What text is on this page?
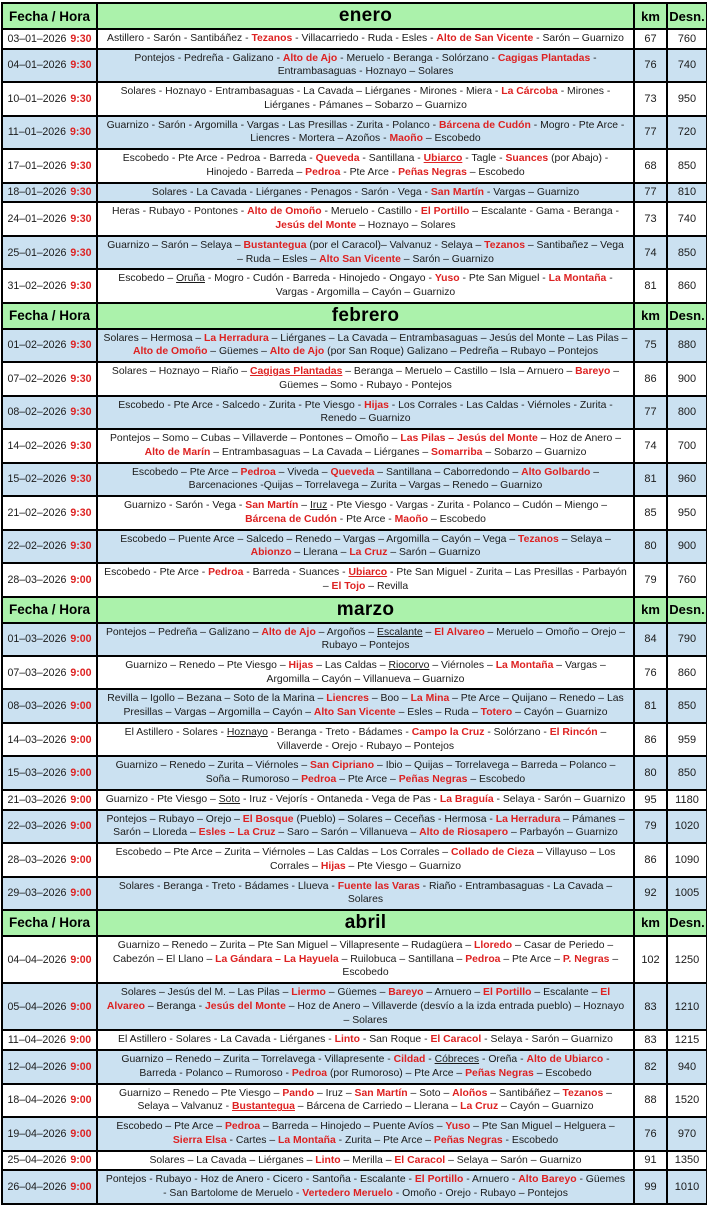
Fecha / Hora	enero	km	Desn.
03–01–2026 9:30	Astillero - Sarón - Santibáñez - Tezanos - Villacarriedo - Ruda - Esles - Alto de San Vicente - Sarón – Guarnizo	67	760
04–01–2026 9:30	Pontejos - Pedreña - Galizano - Alto de Ajo - Meruelo - Beranga - Solórzano - Cagigas Plantadas - Entrambasaguas - Hoznayo – Solares	76	740
10–01–2026 9:30	Solares - Hoznayo - Entrambasaguas - La Cavada – Liérganes - Mirones - Miera - La Cárcoba - Mirones - Liérganes - Pámanes – Sobarzo – Guarnizo	73	950
11–01–2026 9:30	Guarnizo - Sarón - Argomilla - Vargas - Las Presillas - Zurita - Polanco - Bárcena de Cudón - Mogro - Pte Arce - Liencres - Mortera – Azoños - Maoño – Escobedo	77	720
17–01–2026 9:30	Escobedo - Pte Arce - Pedroa - Barreda - Queveda - Santillana - Ubiarco - Tagle - Suances (por Abajo) - Hinojedo - Barreda – Pedroa - Pte Arce - Peñas Negras – Escobedo	68	850
18–01–2026 9:30	Solares - La Cavada - Liérganes - Penagos - Sarón - Vega - San Martín - Vargas – Guarnizo	77	810
24–01–2026 9:30	Heras - Rubayo - Pontones - Alto de Omoño - Meruelo - Castillo - El Portillo – Escalante - Gama - Beranga - Jesús del Monte – Hoznayo – Solares	73	740
25–01–2026 9:30	Guarnizo – Sarón – Selaya – Bustantegua (por el Caracol)– Valvanuz - Selaya – Tezanos – Santibañez – Vega – Ruda – Esles – Alto San Vicente – Sarón – Guarnizo	74	850
31–02–2026 9:30	Escobedo – Oruña - Mogro - Cudón - Barreda - Hinojedo - Ongayo - Yuso - Pte San Miguel - La Montaña - Vargas - Argomilla – Cayón – Guarnizo	81	860
Fecha / Hora	febrero	km	Desn.
01–02–2026 9:30	Solares – Hermosa – La Herradura – Liérganes – La Cavada – Entrambasaguas – Jesús del Monte – Las Pilas – Alto de Omoño – Güemes – Alto de Ajo (por San Roque) Galizano – Pedreña – Rubayo – Pontejos	75	880
07–02–2026 9:30	Solares – Hoznayo – Riaño – Cagigas Plantadas – Beranga – Meruelo – Castillo – Isla – Arnuero – Bareyo – Güemes – Somo - Rubayo - Pontejos	86	900
08–02–2026 9:30	Escobedo - Pte Arce - Salcedo - Zurita - Pte Viesgo - Hijas - Los Corrales - Las Caldas - Viérnoles - Zurita - Renedo – Guarnizo	77	800
14–02–2026 9:30	Pontejos – Somo – Cubas – Villaverde – Pontones – Omoño – Las Pilas – Jesús del Monte – Hoz de Anero – Alto de Marín – Entrambasaguas – La Cavada – Liérganes – Somarriba – Sobarzo – Guarnizo	74	700
15–02–2026 9:30	Escobedo – Pte Arce – Pedroa – Viveda – Queveda – Santillana – Caborredondo – Alto Golbardo – Barcenaciones -Quijas – Torrelavega – Zurita – Vargas – Renedo – Guarnizo	81	960
21–02–2026 9:30	Guarnizo - Sarón - Vega - San Martín – Iruz - Pte Viesgo - Vargas - Zurita - Polanco – Cudón – Miengo – Bárcena de Cudón - Pte Arce - Maoño – Escobedo	85	950
22–02–2026 9:30	Escobedo – Puente Arce – Salcedo – Renedo – Vargas – Argomilla – Cayón – Vega – Tezanos – Selaya – Abionzo – Llerana – La Cruz – Sarón – Guarnizo	80	900
28–03–2026 9:00	Escobedo - Pte Arce - Pedroa - Barreda - Suances - Ubiarco - Pte San Miguel - Zurita – Las Presillas - Parbayón – El Tojo – Revilla	79	760
Fecha / Hora	marzo	km	Desn.
01–03–2026 9:00	Pontejos – Pedreña – Galizano – Alto de Ajo – Argoños – Escalante – El Alvareo – Meruelo – Omoño – Orejo – Rubayo – Pontejos	84	790
07–03–2026 9:00	Guarnizo – Renedo – Pte Viesgo – Hijas – Las Caldas – Riocorvo – Viérnoles – La Montaña – Vargas – Argomilla – Cayón – Villanueva – Guarnizo	76	860
08–03–2026 9:00	Revilla – Igollo – Bezana – Soto de la Marina – Liencres – Boo – La Mina – Pte Arce – Quijano – Renedo – Las Presillas – Vargas – Argomilla – Cayón – Alto San Vicente – Esles – Ruda – Totero – Cayón – Guarnizo	81	850
14–03–2026 9:00	El Astillero - Solares - Hoznayo - Beranga - Treto - Bádames - Campo la Cruz - Solórzano - El Rincón – Villaverde - Orejo - Rubayo – Pontejos	86	959
15–03–2026 9:00	Guarnizo – Renedo – Zurita – Viérnoles – San Cipriano – Ibio – Quijas – Torrelavega – Barreda – Polanco – Soña – Rumoroso – Pedroa – Pte Arce – Peñas Negras – Escobedo	80	850
21–03–2026 9:00	Guarnizo - Pte Viesgo – Soto - Iruz - Vejorís - Ontaneda - Vega de Pas - La Braguía - Selaya - Sarón – Guarnizo	95	1180
22–03–2026 9:00	Pontejos – Rubayo – Orejo – El Bosque (Pueblo) – Solares – Ceceñas - Hermosa - La Herradura – Pámanes – Sarón – Lloreda – Esles – La Cruz – Saro – Sarón – Villanueva – Alto de Riosapero – Parbayón – Guarnizo	79	1020
28–03–2026 9:00	Escobedo – Pte Arce – Zurita – Viérnoles – Las Caldas – Los Corrales – Collado de Cieza – Villayuso – Los Corrales – Hijas – Pte Viesgo – Guarnizo	86	1090
29–03–2026 9:00	Solares - Beranga - Treto - Bádames - Llueva - Fuente las Varas - Riaño - Entrambasaguas - La Cavada – Solares	92	1005
Fecha / Hora	abril	km	Desn.
04–04–2026 9:00	Guarnizo – Renedo – Zurita – Pte San Miguel – Villapresente – Rudagüera – Lloredo – Casar de Periedo – Cabezón – El Llano – La Gándara – La Hayuela – Ruilobuca – Santillana – Pedroa – Pte Arce – P. Negras – Escobedo	102	1250
05–04–2026 9:00	Solares – Jesús del M. – Las Pilas – Liermo – Güemes – Bareyo – Arnuero – El Portillo – Escalante – El Alvareo – Beranga - Jesús del Monte – Hoz de Anero – Villaverde (desvío a la izda entrada pueblo) – Hoznayo – Solares	83	1210
11–04–2026 9:00	El Astillero - Solares - La Cavada - Liérganes - Linto - San Roque - El Caracol - Selaya - Sarón – Guarnizo	83	1215
12–04–2026 9:00	Guarnizo – Renedo – Zurita – Torrelavega - Villapresente - Cildad - Cóbreces - Oreña - Alto de Ubiarco - Barreda - Polanco – Rumoroso - Pedroa (por Rumoroso) – Pte Arce – Peñas Negras – Escobedo	82	940
18–04–2026 9:00	Guarnizo – Renedo – Pte Viesgo – Pando – Iruz – San Martín – Soto – Aloños – Santibáñez – Tezanos – Selaya – Valvanuz - Bustantegua – Bárcena de Carriedo – Llerana – La Cruz – Cayón – Guarnizo	88	1520
19–04–2026 9:00	Escobedo – Pte Arce – Pedroa – Barreda – Hinojedo – Puente Avíos – Yuso – Pte San Miguel – Helguera – Sierra Elsa - Cartes – La Montaña - Zurita – Pte Arce – Peñas Negras - Escobedo	76	970
25–04–2026 9:00	Solares – La Cavada – Liérganes – Linto – Merilla – El Caracol – Selaya – Sarón – Guarnizo	91	1350
26–04–2026 9:00	Pontejos - Rubayo - Hoz de Anero - Cicero - Santoña - Escalante - El Portillo - Arnuero - Alto Bareyo - Güemes - San Bartolome de Meruelo - Vertedero Meruelo - Omoño - Orejo - Rubayo – Pontejos	99	1010
